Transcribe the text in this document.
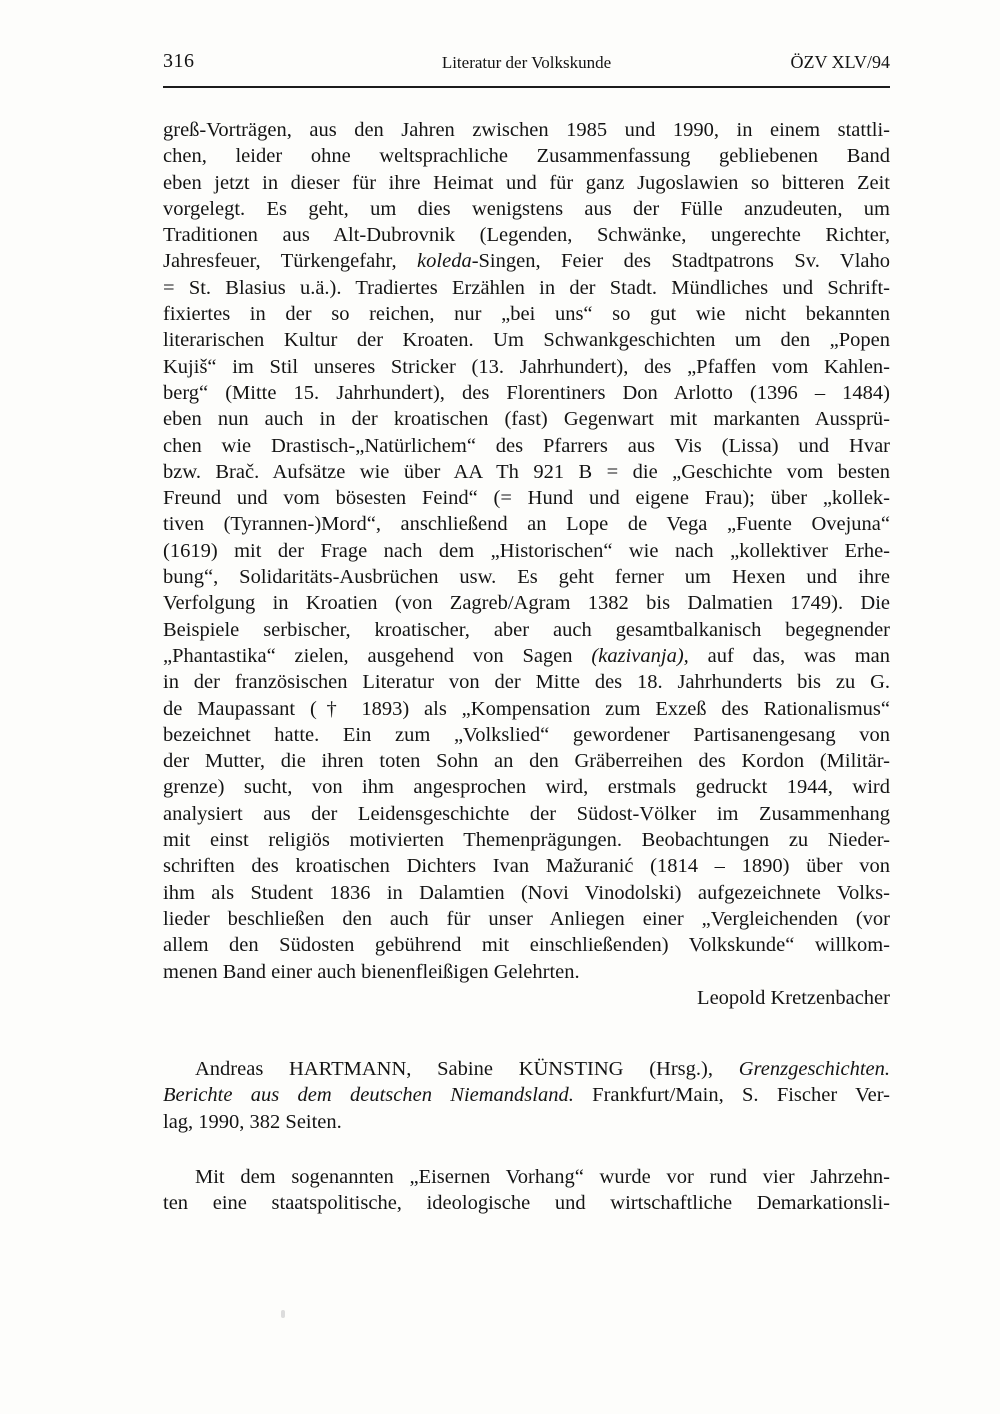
316	Literatur der Volkskunde	ÖZV XLV/94
greß-Vorträgen, aus den Jahren zwischen 1985 und 1990, in einem stattli-
chen, leider ohne weltsprachliche Zusammenfassung gebliebenen Band
eben jetzt in dieser für ihre Heimat und für ganz Jugoslawien so bitteren Zeit
vorgelegt. Es geht, um dies wenigstens aus der Fülle anzudeuten, um
Traditionen aus Alt-Dubrovnik (Legenden, Schwänke, ungerechte Richter,
Jahresfeuer, Türkengefahr, koleda-Singen, Feier des Stadtpatrons Sv. Vlaho
= St. Blasius u.ä.). Tradiertes Erzählen in der Stadt. Mündliches und Schrift-
fixiertes in der so reichen, nur „bei uns“ so gut wie nicht bekannten
literarischen Kultur der Kroaten. Um Schwankgeschichten um den „Popen
Kujiš“ im Stil unseres Stricker (13. Jahrhundert), des „Pfaffen vom Kahlen-
berg“ (Mitte 15. Jahrhundert), des Florentiners Don Arlotto (1396 – 1484)
eben nun auch in der kroatischen (fast) Gegenwart mit markanten Aussprü-
chen wie Drastisch-„Natürlichem“ des Pfarrers aus Vis (Lissa) und Hvar
bzw. Brač. Aufsätze wie über AA Th 921 B = die „Geschichte vom besten
Freund und vom bösesten Feind“ (= Hund und eigene Frau); über „kollek-
tiven (Tyrannen-)Mord“, anschließend an Lope de Vega „Fuente Ovejuna“
(1619) mit der Frage nach dem „Historischen“ wie nach „kollektiver Erhe-
bung“, Solidaritäts-Ausbrüchen usw. Es geht ferner um Hexen und ihre
Verfolgung in Kroatien (von Zagreb/Agram 1382 bis Dalmatien 1749). Die
Beispiele serbischer, kroatischer, aber auch gesamtbalkanisch begegnender
„Phantastika“ zielen, ausgehend von Sagen (kazivanja), auf das, was man
in der französischen Literatur von der Mitte des 18. Jahrhunderts bis zu G.
de Maupassant († 1893) als „Kompensation zum Exzeß des Rationalismus“
bezeichnet hatte. Ein zum „Volkslied“ gewordener Partisanengesang von
der Mutter, die ihren toten Sohn an den Gräberreihen des Kordon (Militär-
grenze) sucht, von ihm angesprochen wird, erstmals gedruckt 1944, wird
analysiert aus der Leidensgeschichte der Südost-Völker im Zusammenhang
mit einst religiös motivierten Themenprägungen. Beobachtungen zu Nieder-
schriften des kroatischen Dichters Ivan Mažuranić (1814 – 1890) über von
ihm als Student 1836 in Dalamtien (Novi Vinodolski) aufgezeichnete Volks-
lieder beschließen den auch für unser Anliegen einer „Vergleichenden (vor
allem den Südosten gebührend mit einschließenden) Volkskunde“ willkom-
menen Band einer auch bienenfleißigen Gelehrten.
Leopold Kretzenbacher
Andreas HARTMANN, Sabine KÜNSTING (Hrsg.), Grenzgeschichten.
Berichte aus dem deutschen Niemandsland. Frankfurt/Main, S. Fischer Ver-
lag, 1990, 382 Seiten.
Mit dem sogenannten „Eisernen Vorhang“ wurde vor rund vier Jahrzehn-
ten eine staatspolitische, ideologische und wirtschaftliche Demarkationsli-
